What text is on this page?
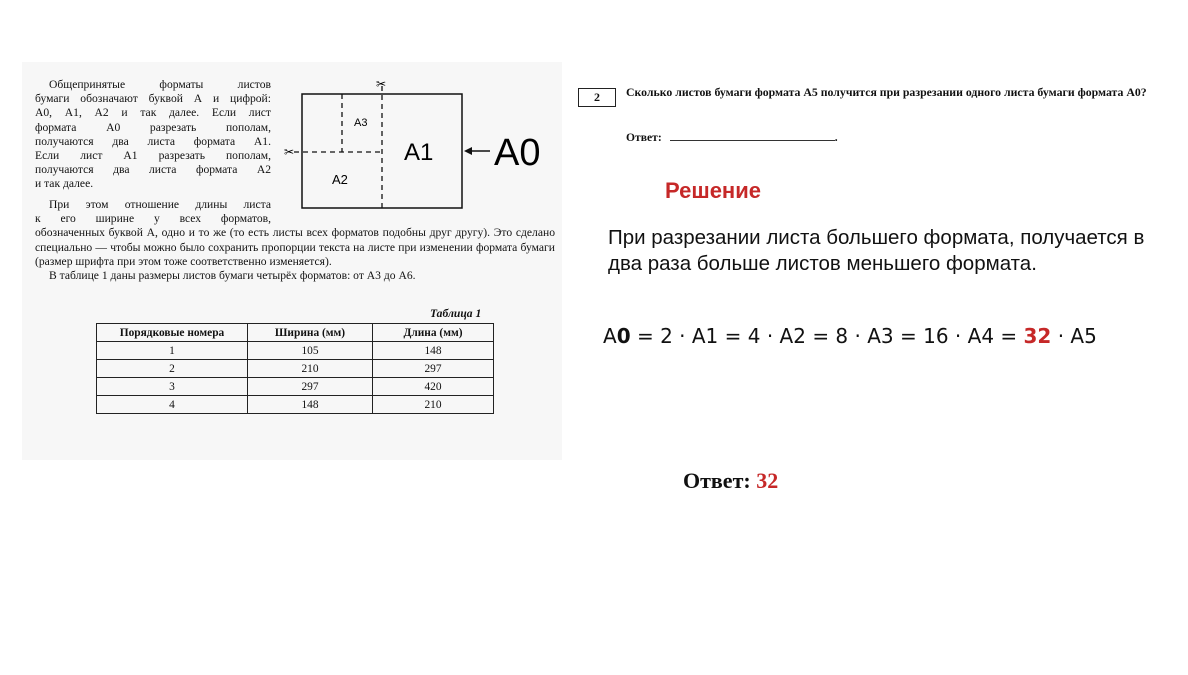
Общепринятые форматы листов

бумаги обозначают буквой А и цифрой:

А0, А1, А2 и так далее. Если лист

формата А0 разрезать пополам,

получаются два листа формата А1.

Если лист А1 разрезать пополам,

получаются два листа формата А2

и так далее.

При этом отношение длины листа

к его ширине у всех форматов,

обозначенных буквой А, одно и то же (то есть листы всех форматов подобны друг другу). Это сделано специально — чтобы можно было сохранить пропорции текста на листе при изменении формата бумаги (размер шрифта при этом тоже соответственно изменяется).

В таблице 1 даны размеры листов бумаги четырёх форматов: от А3 до А6.

✂
✂
А3
А2
А1 А0
Таблица 1
Порядковые номера	Ширина (мм)	Длина (мм)
1	105	148
2	210	297
3	297	420
4	148	210
2	Сколько листов бумаги формата А5 получится при разрезании одного листа бумаги формата А0?

Ответ:	.

Решение

При разрезании листа большего формата, получается в два раза больше листов меньшего формата.

А0 = 2 · А1 = 4 · А2 = 8 · А3 = 16 · А4 = 32 · А5

Ответ: 32
